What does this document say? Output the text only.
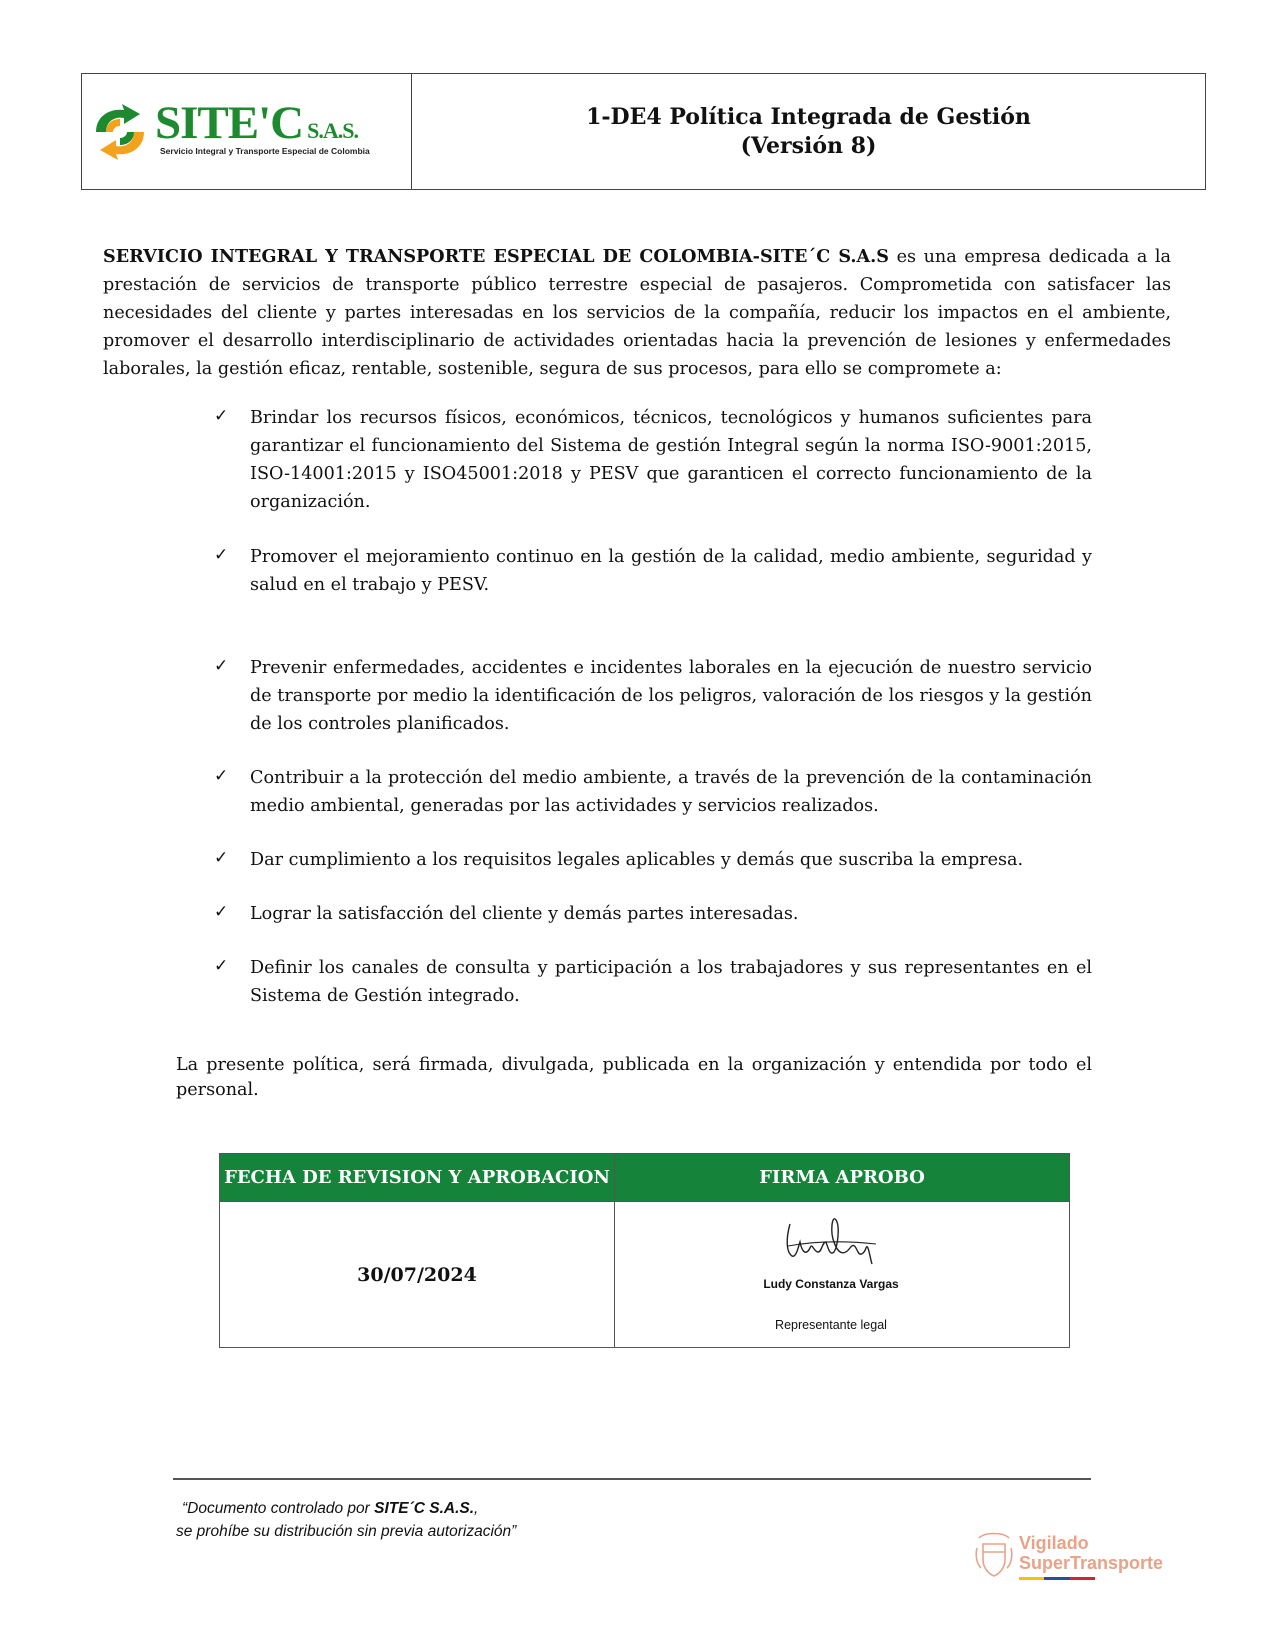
SITE'C S.A.S.
Servicio Integral y Transporte Especial de Colombia
1-DE4 Política Integrada de Gestión
(Versión 8)
SERVICIO INTEGRAL Y TRANSPORTE ESPECIAL DE COLOMBIA-SITE´C S.A.S es una empresa dedicada a la prestación de servicios de transporte público terrestre especial de pasajeros. Comprometida con satisfacer las necesidades del cliente y partes interesadas en los servicios de la compañía, reducir los impactos en el ambiente, promover el desarrollo interdisciplinario de actividades orientadas hacia la prevención de lesiones y enfermedades laborales, la gestión eficaz, rentable, sostenible, segura de sus procesos, para ello se compromete a:
✓ Brindar los recursos físicos, económicos, técnicos, tecnológicos y humanos suficientes para garantizar el funcionamiento del Sistema de gestión Integral según la norma ISO-9001:2015, ISO-14001:2015 y ISO45001:2018 y PESV que garanticen el correcto funcionamiento de la organización.
✓ Promover el mejoramiento continuo en la gestión de la calidad, medio ambiente, seguridad y salud en el trabajo y PESV.
✓ Prevenir enfermedades, accidentes e incidentes laborales en la ejecución de nuestro servicio de transporte por medio la identificación de los peligros, valoración de los riesgos y la gestión de los controles planificados.
✓ Contribuir a la protección del medio ambiente, a través de la prevención de la contaminación medio ambiental, generadas por las actividades y servicios realizados.
✓ Dar cumplimiento a los requisitos legales aplicables y demás que suscriba la empresa.
✓ Lograr la satisfacción del cliente y demás partes interesadas.
✓ Definir los canales de consulta y participación a los trabajadores y sus representantes en el Sistema de Gestión integrado.
La presente política, será firmada, divulgada, publicada en la organización y entendida por todo el personal.
FECHA DE REVISION Y APROBACION	FIRMA APROBO
30/07/2024	Ludy Constanza Vargas
Representante legal
“Documento controlado por SITE´C S.A.S.,
se prohíbe su distribución sin previa autorización”
Vigilado
SuperTransporte
